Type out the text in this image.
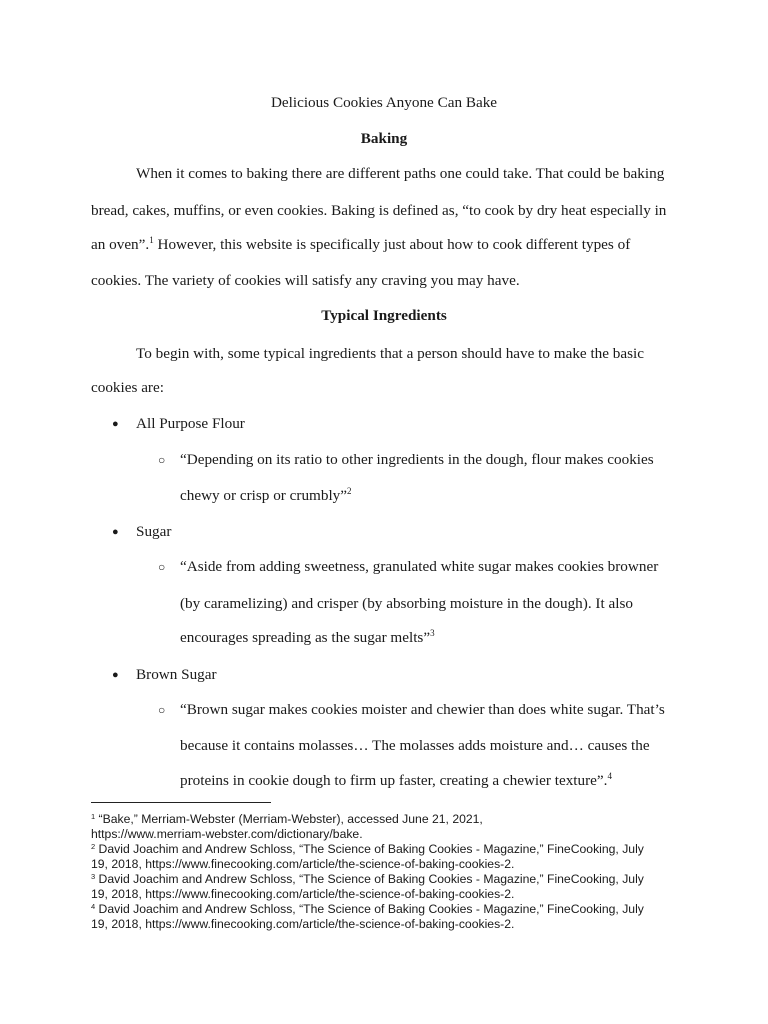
Delicious Cookies Anyone Can Bake
Baking
When it comes to baking there are different paths one could take. That could be baking
bread, cakes, muffins, or even cookies. Baking is defined as, “to cook by dry heat especially in
an oven”.$^1$ However, this website is specifically just about how to cook different types of
cookies. The variety of cookies will satisfy any craving you may have.
Typical Ingredients
To begin with, some typical ingredients that a person should have to make the basic
cookies are:
● All Purpose Flour
○ “Depending on its ratio to other ingredients in the dough, flour makes cookies
chewy or crisp or crumbly”$^2$
● Sugar
○ “Aside from adding sweetness, granulated white sugar makes cookies browner
(by caramelizing) and crisper (by absorbing moisture in the dough). It also
encourages spreading as the sugar melts”$^3$
● Brown Sugar
○ “Brown sugar makes cookies moister and chewier than does white sugar. That’s
because it contains molasses… The molasses adds moisture and… causes the
proteins in cookie dough to firm up faster, creating a chewier texture”.$^4$
$^1$ “Bake,” Merriam-Webster (Merriam-Webster), accessed June 21, 2021,
https://www.merriam-webster.com/dictionary/bake.
$^2$ David Joachim and Andrew Schloss, “The Science of Baking Cookies - Magazine,” FineCooking, July
19, 2018, https://www.finecooking.com/article/the-science-of-baking-cookies-2.
$^3$ David Joachim and Andrew Schloss, “The Science of Baking Cookies - Magazine,” FineCooking, July
19, 2018, https://www.finecooking.com/article/the-science-of-baking-cookies-2.
$^4$ David Joachim and Andrew Schloss, “The Science of Baking Cookies - Magazine,” FineCooking, July
19, 2018, https://www.finecooking.com/article/the-science-of-baking-cookies-2.
